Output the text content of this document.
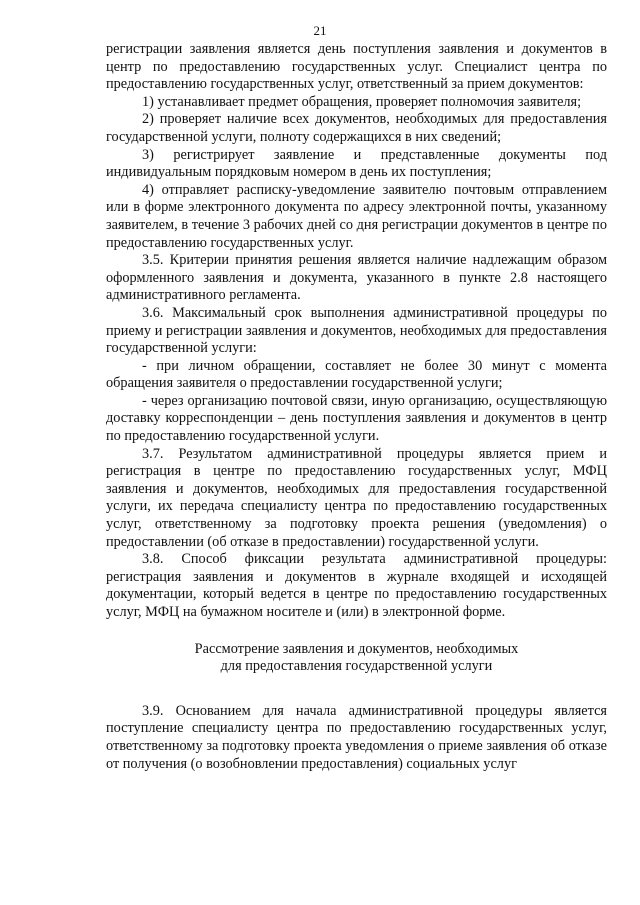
21

регистрации заявления является день поступления заявления и документов в центр по предоставлению государственных услуг. Специалист центра по предоставлению государственных услуг, ответственный за прием документов:

1) устанавливает предмет обращения, проверяет полномочия заявителя;

2) проверяет наличие всех документов, необходимых для предоставления государственной услуги, полноту содержащихся в них сведений;

3) регистрирует заявление и представленные документы под индивидуальным порядковым номером в день их поступления;

4) отправляет расписку-уведомление заявителю почтовым отправлением или в форме электронного документа по адресу электронной почты, указанному заявителем, в течение 3 рабочих дней со дня регистрации документов в центре по предоставлению государственных услуг.

3.5. Критерии принятия решения является наличие надлежащим образом оформленного заявления и документа, указанного в пункте 2.8 настоящего административного регламента.

3.6. Максимальный срок выполнения административной процедуры по приему и регистрации заявления и документов, необходимых для предоставления государственной услуги:

- при личном обращении, составляет не более 30 минут с момента обращения заявителя о предоставлении государственной услуги;

- через организацию почтовой связи, иную организацию, осуществляющую доставку корреспонденции – день поступления заявления и документов в центр по предоставлению государственной услуги.

3.7. Результатом административной процедуры является прием и регистрация в центре по предоставлению государственных услуг, МФЦ заявления и документов, необходимых для предоставления государственной услуги, их передача специалисту центра по предоставлению государственных услуг, ответственному за подготовку проекта решения (уведомления) о предоставлении (об отказе в предоставлении) государственной услуги.

3.8. Способ фиксации результата административной процедуры: регистрация заявления и документов в журнале входящей и исходящей документации, который ведется в центре по предоставлению государственных услуг, МФЦ на бумажном носителе и (или) в электронной форме.

Рассмотрение заявления и документов, необходимых

для предоставления государственной услуги

3.9. Основанием для начала административной процедуры является поступление специалисту центра по предоставлению государственных услуг, ответственному за подготовку проекта уведомления о приеме заявления об отказе от получения (о возобновлении предоставления) социальных услуг
